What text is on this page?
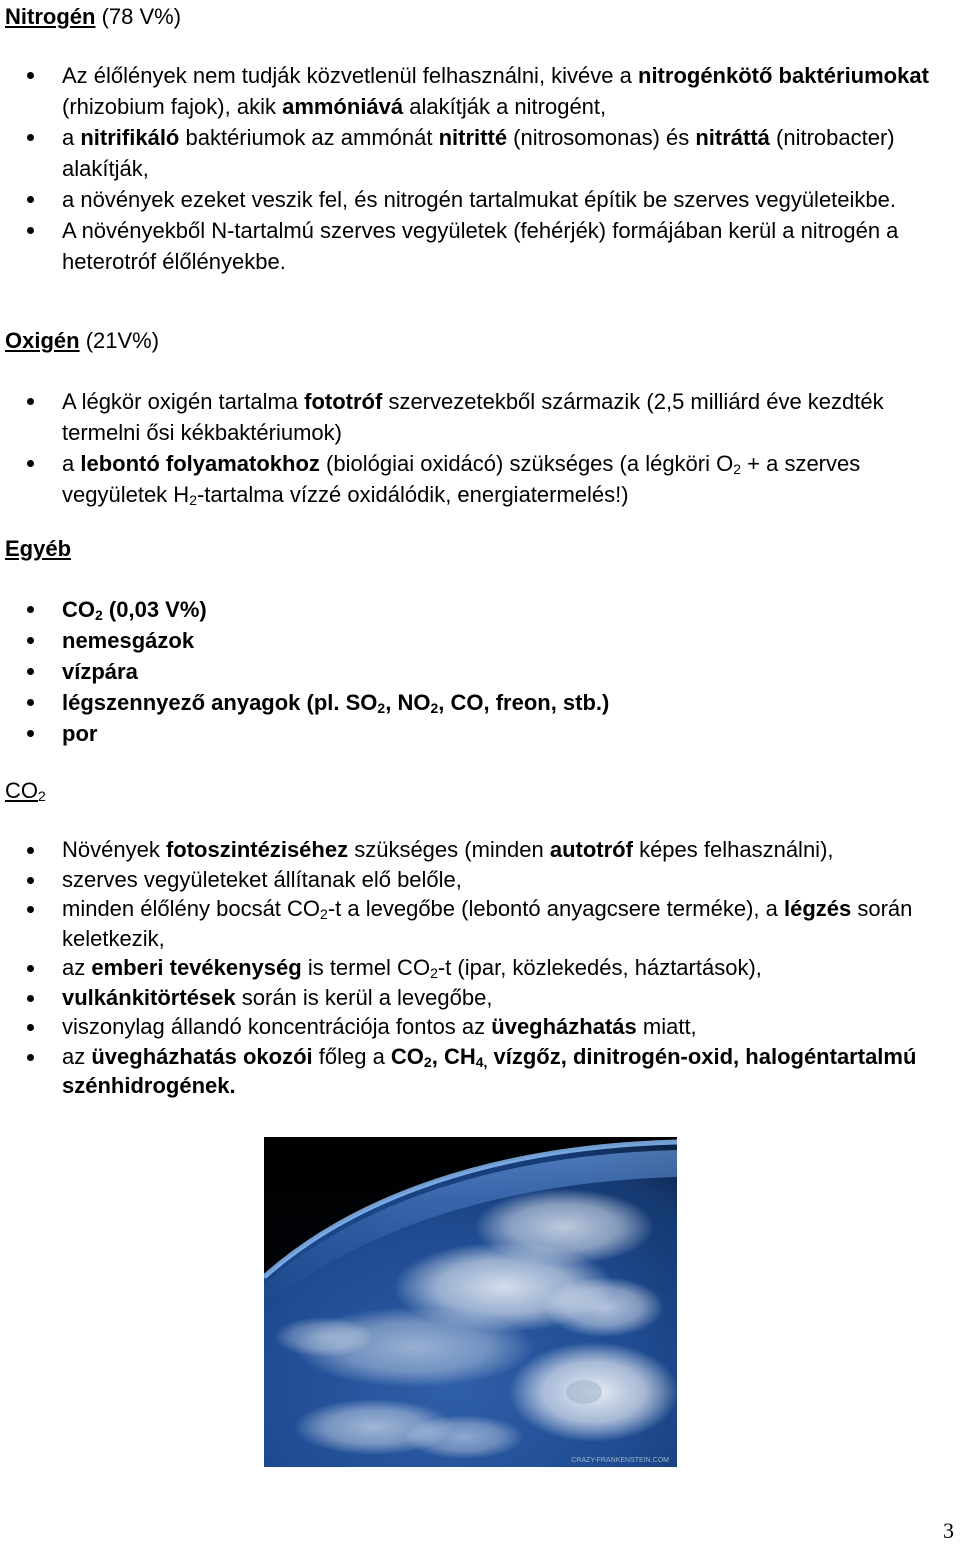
Nitrogén (78 V%)
Az élőlények nem tudják közvetlenül felhasználni, kivéve a nitrogénkötő baktériumokat (rhizobium fajok), akik ammóniává alakítják a nitrogént,
a nitrifikáló baktériumok az ammónát nitritté (nitrosomonas) és nitráttá (nitrobacter) alakítják,
a növények ezeket veszik fel, és nitrogén tartalmukat építik be szerves vegyületeikbe.
A növényekből N-tartalmú szerves vegyületek (fehérjék) formájában kerül a nitrogén a heterotróf élőlényekbe.
Oxigén (21V%)
A légkör oxigén tartalma fototróf szervezetekből származik (2,5 milliárd éve kezdték termelni ősi kékbaktériumok)
a lebontó folyamatokhoz (biológiai oxidácó) szükséges (a légköri $O_2 + a$ szerves vegyületek $H_2$-tartalma vízzé oxidálódik, energiatermelés!)
Egyéb
$CO_2$ (0,03 V%)
nemesgázok
vízpára
légszennyező anyagok (pl. $SO_2$, $NO_2$, CO, freon, stb.)
por
$CO_2$
Növények fotoszintéziséhez szükséges (minden autotróf képes felhasználni),
szerves vegyületeket állítanak elő belőle,
minden élőlény bocsát $CO_2-t$ a levegőbe (lebontó anyagcsere terméke), a légzés során keletkezik,
az emberi tevékenység is termel $CO_2-t$ (ipar, közlekedés, háztartások),
vulkánkitörtések során is kerül a levegőbe,
viszonylag állandó koncentrációja fontos az üvegházhatás miatt,
az üvegházhatás okozói főleg a $CO_2$, $CH_{4,}$ vízgőz, dinitrogén-oxid, halogéntartalmú szénhidrogének.
CRAZY-FRANKENSTEIN.COM
3
